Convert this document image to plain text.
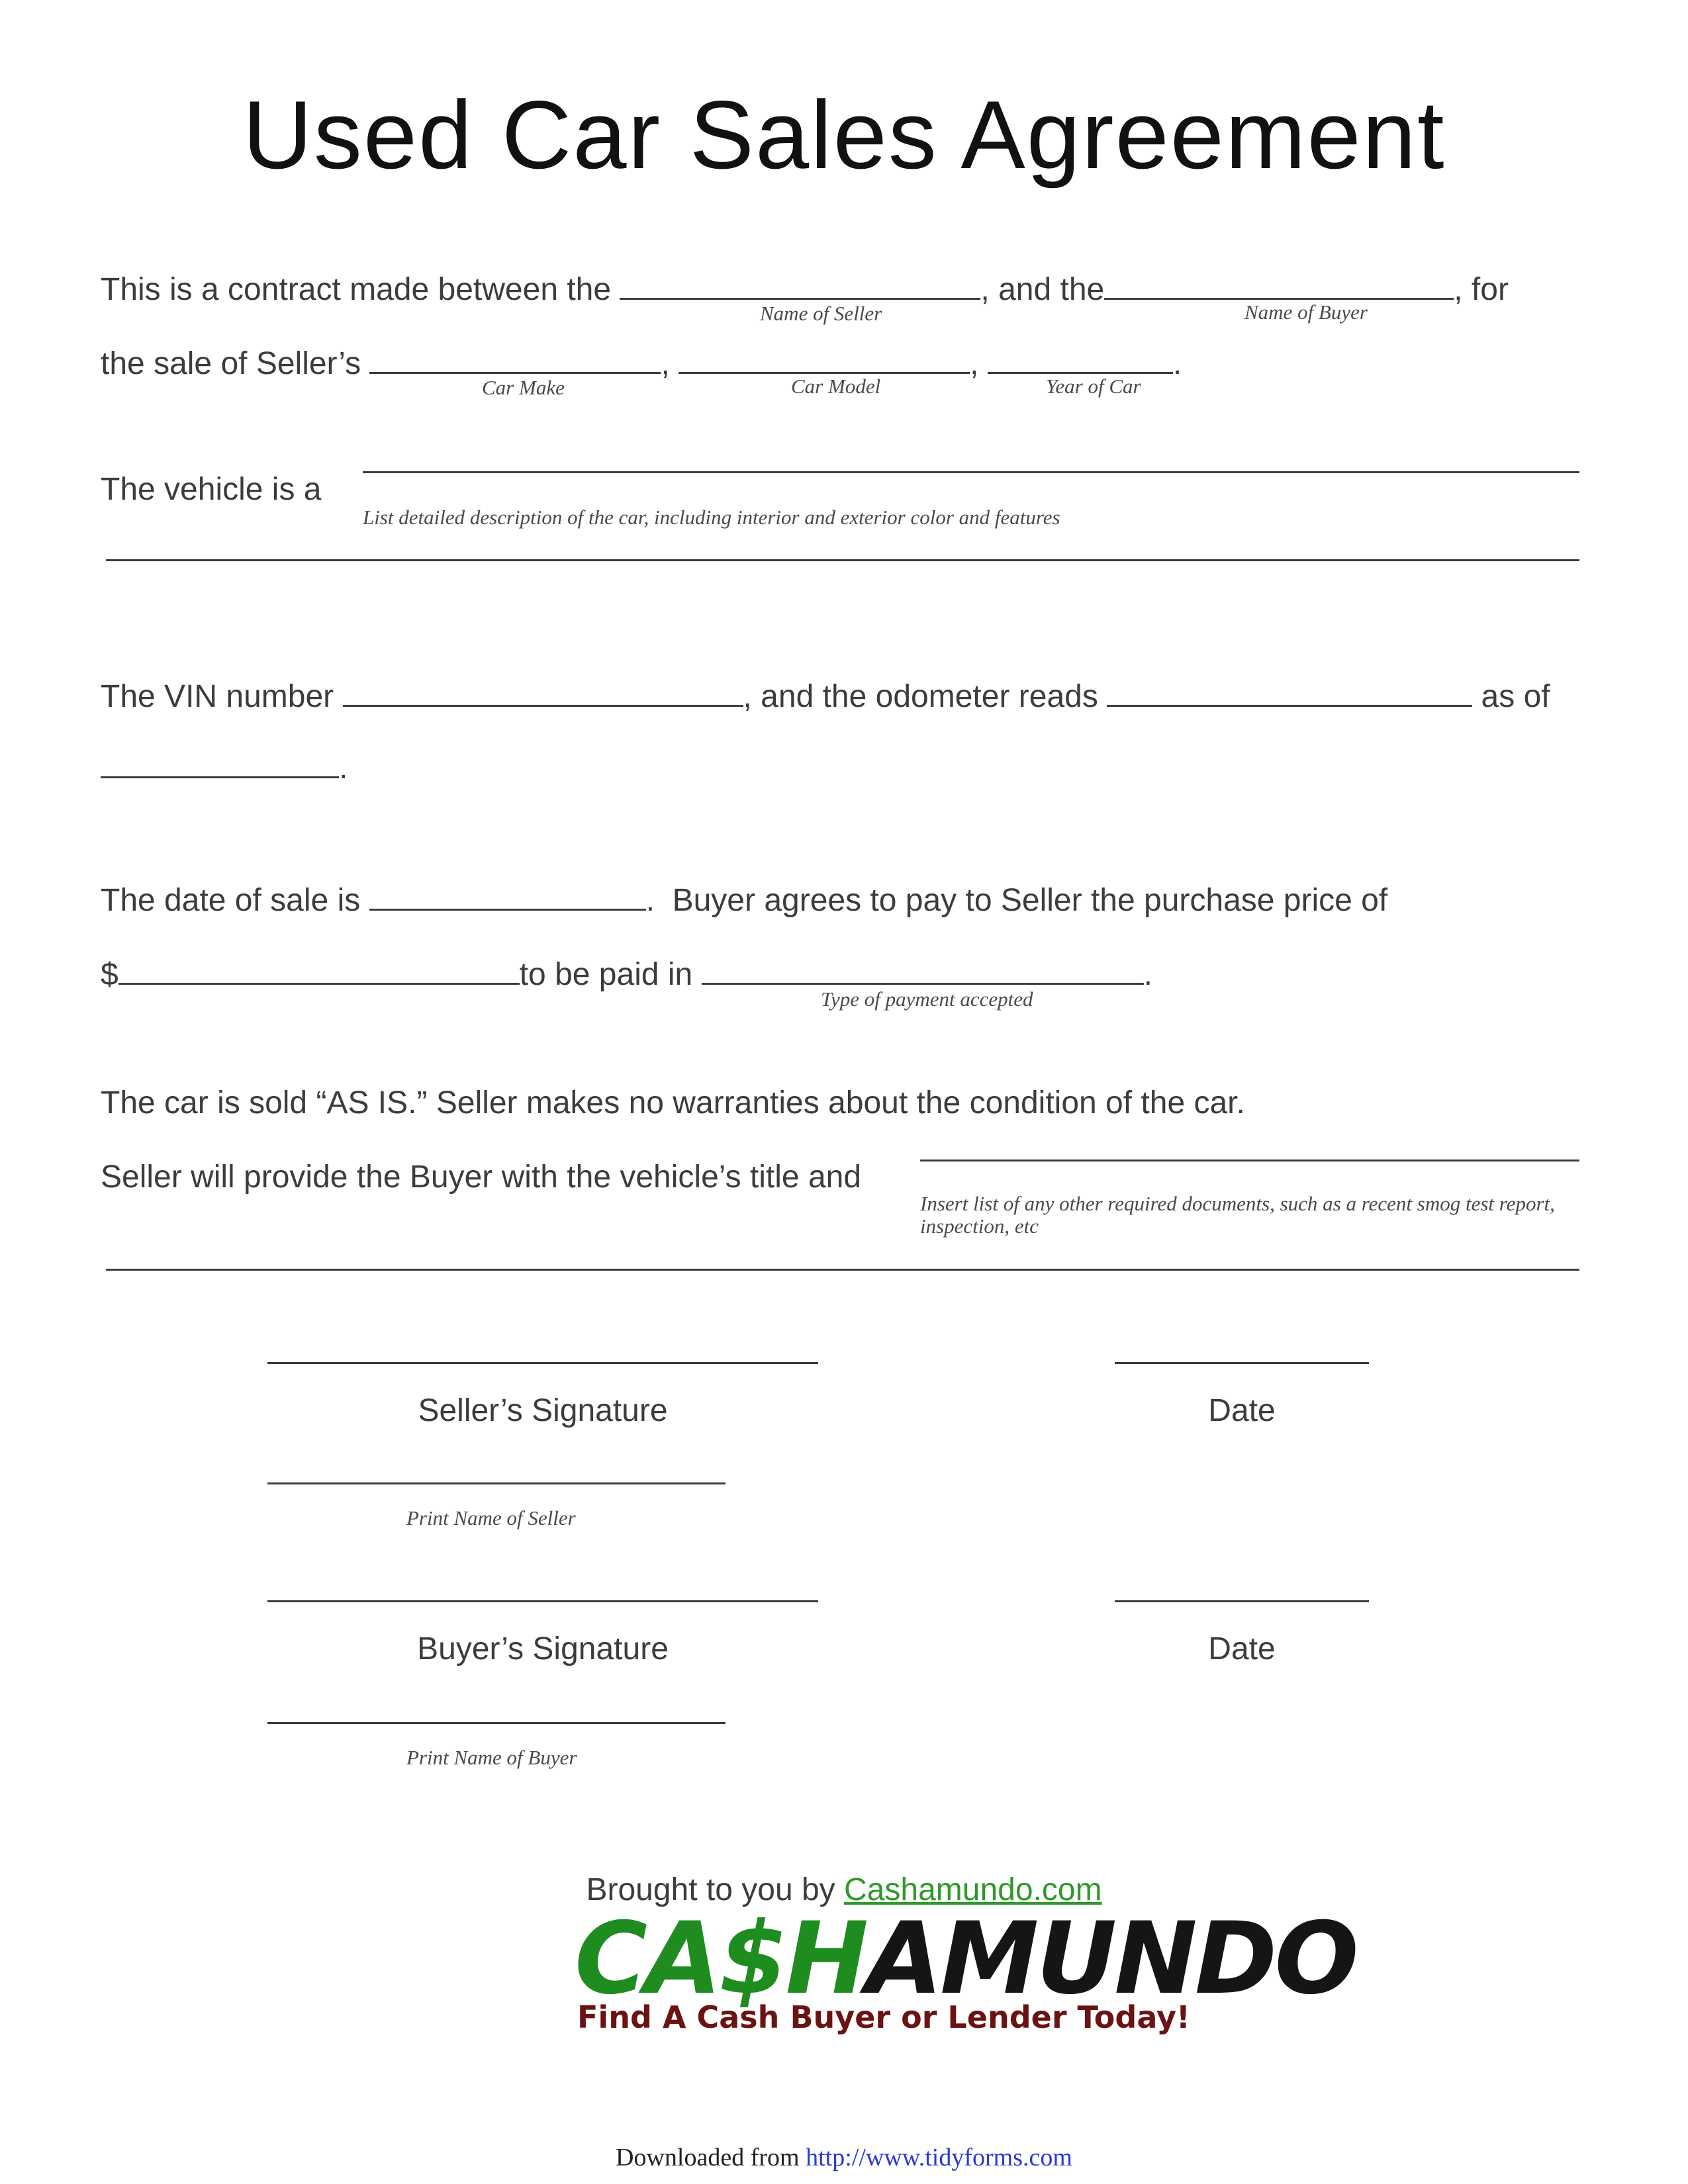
Used Car Sales Agreement
This is a contract made between the	, and the	, for
Name of Seller	Name of Buyer
the sale of Seller’s	,	,	.
Car Make	Car Model	Year of Car
The vehicle is a
List detailed description of the car, including interior and exterior color and features
The VIN number	, and the odometer reads	as of
.
The date of sale is	.  Buyer agrees to pay to Seller the purchase price of
$	to be paid in	.
Type of payment accepted
The car is sold “AS IS.” Seller makes no warranties about the condition of the car.
Seller will provide the Buyer with the vehicle’s title and
Insert list of any other required documents, such as a recent smog test report, inspection, etc
Seller’s Signature	Date
Print Name of Seller
Buyer’s Signature	Date
Print Name of Buyer
Brought to you by Cashamundo.com
CA$HAMUNDO
Find A Cash Buyer or Lender Today!
Downloaded from http://www.tidyforms.com
